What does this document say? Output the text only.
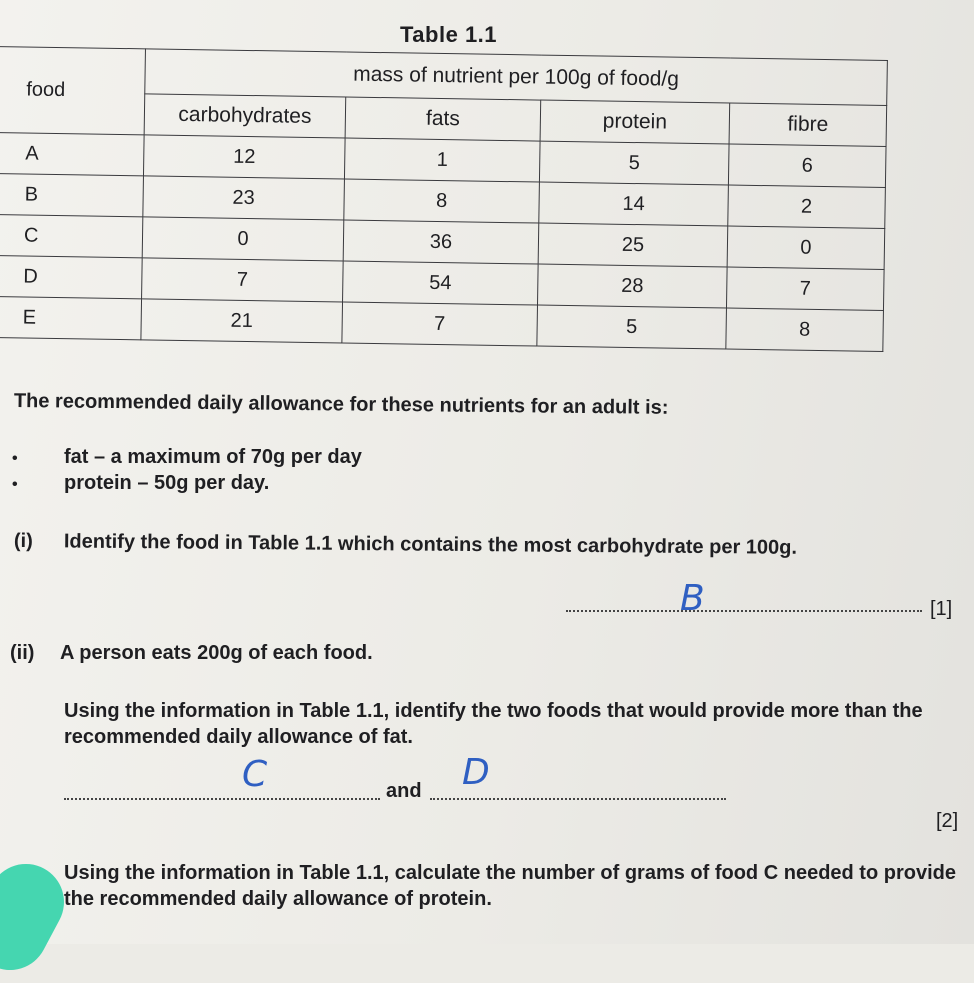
Table 1.1
food	mass of nutrient per 100g of food/g			
	carbohydrates	fats	protein	fibre
A	12	1	5	6
B	23	8	14	2
C	0	36	25	0
D	7	54	28	7
E	21	7	5	8
The recommended daily allowance for these nutrients for an adult is:
•	fat – a maximum of 70g per day
•	protein – 50g per day.
(i) Identify the food in Table 1.1 which contains the most carbohydrate per 100g.
B	[1]
(ii) A person eats 200g of each food.
Using the information in Table 1.1, identify the two foods that would provide more than the recommended daily allowance of fat.
and
C	D
[2]
Using the information in Table 1.1, calculate the number of grams of food C needed to provide the recommended daily allowance of protein.
